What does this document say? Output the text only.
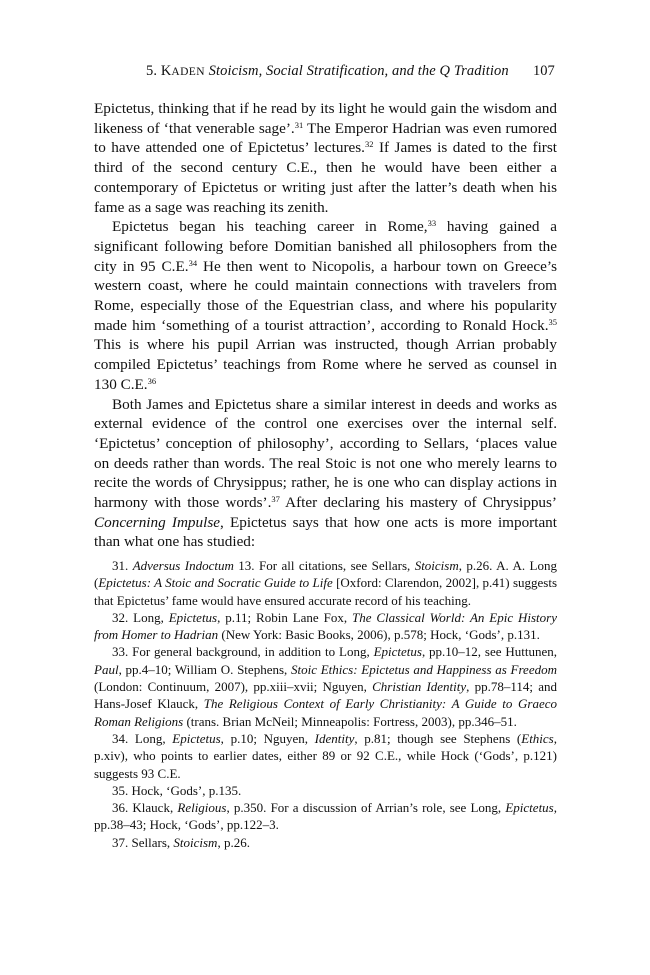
5. KADEN Stoicism, Social Stratification, and the Q Tradition 107

Epictetus, thinking that if he read by its light he would gain the wisdom and likeness of ‘that venerable sage’.$^{31}$ The Emperor Hadrian was even rumored to have attended one of Epictetus’ lectures.$^{32}$ If James is dated to the first third of the second century C.E., then he would have been either a contemporary of Epictetus or writing just after the latter’s death when his fame as a sage was reaching its zenith.

Epictetus began his teaching career in Rome,$^{33}$ having gained a significant following before Domitian banished all philosophers from the city in 95 C.E.$^{34}$ He then went to Nicopolis, a harbour town on Greece’s western coast, where he could maintain connections with travelers from Rome, especially those of the Equestrian class, and where his popularity made him ‘something of a tourist attraction’, according to Ronald Hock.$^{35}$ This is where his pupil Arrian was instructed, though Arrian probably compiled Epictetus’ teachings from Rome where he served as counsel in 130 C.E.$^{36}$

Both James and Epictetus share a similar interest in deeds and works as external evidence of the control one exercises over the internal self. ‘Epictetus’ conception of philosophy’, according to Sellars, ‘places value on deeds rather than words. The real Stoic is not one who merely learns to recite the words of Chrysippus; rather, he is one who can display actions in harmony with those words’.$^{37}$ After declaring his mastery of Chrysippus’ Concerning Impulse, Epictetus says that how one acts is more important than what one has studied:

31. Adversus Indoctum 13. For all citations, see Sellars, Stoicism, p.26. A. A. Long (Epictetus: A Stoic and Socratic Guide to Life [Oxford: Clarendon, 2002], p.41) suggests that Epictetus’ fame would have ensured accurate record of his teaching.

32. Long, Epictetus, p.11; Robin Lane Fox, The Classical World: An Epic History from Homer to Hadrian (New York: Basic Books, 2006), p.578; Hock, ‘Gods’, p.131.

33. For general background, in addition to Long, Epictetus, pp.10–12, see Huttunen, Paul, pp.4–10; William O. Stephens, Stoic Ethics: Epictetus and Happiness as Freedom (London: Continuum, 2007), pp.xiii–xvii; Nguyen, Christian Identity, pp.78–114; and Hans-Josef Klauck, The Religious Context of Early Christianity: A Guide to Graeco Roman Religions (trans. Brian McNeil; Minneapolis: Fortress, 2003), pp.346–51.

34. Long, Epictetus, p.10; Nguyen, Identity, p.81; though see Stephens (Ethics, p.xiv), who points to earlier dates, either 89 or 92 C.E., while Hock (‘Gods’, p.121) suggests 93 C.E.

35. Hock, ‘Gods’, p.135.

36. Klauck, Religious, p.350. For a discussion of Arrian’s role, see Long, Epictetus, pp.38–43; Hock, ‘Gods’, pp.122–3.

37. Sellars, Stoicism, p.26.
